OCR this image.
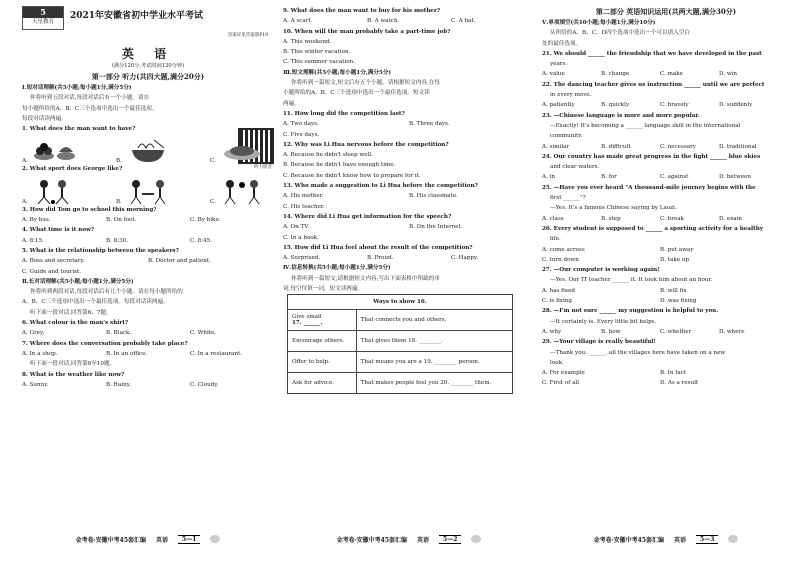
5
天星教育
2021年安徽省初中学业水平考试
答案详见答案册P19
英 语
(满分120分,考试时间120分钟)
第一部分 听力(共四大题,满分20分)
Ⅰ.短对话理解(共5小题;每小题1分,满分5分)
你将听到五段对话,每段对话后有一个小题。请在
每小题所给的A、B、C三个选项中选出一个最佳选项。
每段对话读两遍。
听力原音
1. What does the man want to have?
A.	B.	C.
2. What sport does George like?
A.	B.	C.
3. How did Tom go to school this morning?
A. By bus.	B. On foot.	C. By bike.
4. What time is it now?
A. 8:15.	B. 8:30.	C. 8:45.
5. What is the relationship between the speakers?
A. Boss and secretary.	B. Doctor and patient.
C. Guide and tourist.
Ⅱ.长对话理解(共5小题;每小题1分,满分5分)
你将听到两段对话,每段对话后有几个小题。请在每小题所给的
A、B、C三个选项中选出一个最佳选项。每段对话读两遍。
听下面一段对话,回答第6、7题。
6. What colour is the man's shirt?
A. Grey.	B. Black.	C. White.
7. Where does the conversation probably take place?
A. In a shop.	B. In an office.	C. In a restaurant.
听下面一段对话,回答第8至10题。
8. What is the weather like now?
A. Sunny.	B. Rainy.	C. Cloudy.
金考卷·安徽中考45套汇编 英语	5—1
9. What does the man want to buy for his mother?
A. A scarf.	B. A watch.	C. A hat.
10. When will the man probably take a part-time job?
A. This weekend.
B. This winter vacation.
C. This summer vacation.
Ⅲ.短文理解(共5小题;每小题1分,满分5分)
你将听到一篇短文,短文后有五个小题。请根据短文内容,在每
小题所给的A、B、C三个选项中选出一个最佳选项。短文读
两遍。
11. How long did the competition last?
A. Two days.	B. Three days.
C. Five days.
12. Why was Li Hua nervous before the competition?
A. Because he didn't sleep well.
B. Because he didn't have enough time.
C. Because he didn't know how to prepare for it.
13. Who made a suggestion to Li Hua before the competition?
A. His mother.	B. His classmate.
C. His teacher.
14. Where did Li Hua get information for the speech?
A. On TV.	B. On the Internet.
C. In a book.
15. How did Li Hua feel about the result of the competition?
A. Surprised.	B. Proud.	C. Happy.
Ⅳ.信息转换(共5小题;每小题1分,满分5分)
你将听到一篇短文,请根据短文内容,写出下面表格中所缺的单
词,每空仅填一词。短文读两遍。
Ways to show 16.	
Give small
17. ______.	That connects you and others.
Encourage others.	That gives them 18. ________.
Offer to help.	That means you are a 19. ________ person.
Ask for advice.	That makes people feel you 20. ________ them.
金考卷·安徽中考45套汇编 英语	5—2
第二部分 英语知识运用(共两大题,满分30分)
Ⅴ.单项填空(共10小题;每小题1分,满分10分)
从所给的A、B、C、D四个选项中选出一个可以填入空白
处的最佳选项。
21. We should ______ the friendship that we have developed in the past
years.
A. value	B. change	C. make	D. win
22. The dancing teacher gives us instruction ______ until we are perfect
in every move.
A. patiently	B. quickly	C. bravely	D. suddenly
23. —Chinese language is more and more popular.
—Exactly! It's becoming a ______ language skill in the international
community.
A. similar	B. difficult	C. necessary	D. traditional
24. Our country has made great progress in the fight ______ blue skies
and clear waters.
A. in	B. for	C. against	D. between
25. —Have you ever heard "A thousand-mile journey begins with the
first ______"?
—Yes. It's a famous Chinese saying by Laozi.
A. class	B. step	C. break	D. exam
26. Every student is supposed to ______ a sporting activity for a healthy
life.
A. come across	B. put away
C. turn down	D. take up
27. —Our computer is working again!
—Yes. Our IT teacher ______ it. It took him about an hour.
A. has fixed	B. will fix
C. is fixing	D. was fixing
28. —I'm not sure ______ my suggestion is helpful to you.
—It certainly is. Every little bit helps.
A. why	B. how	C. whether	D. where
29. —Your village is really beautiful!
—Thank you. ______, all the villages here have taken on a new
look.
A. For example	B. In fact
C. First of all	D. As a result
金考卷·安徽中考45套汇编 英语	5—3
